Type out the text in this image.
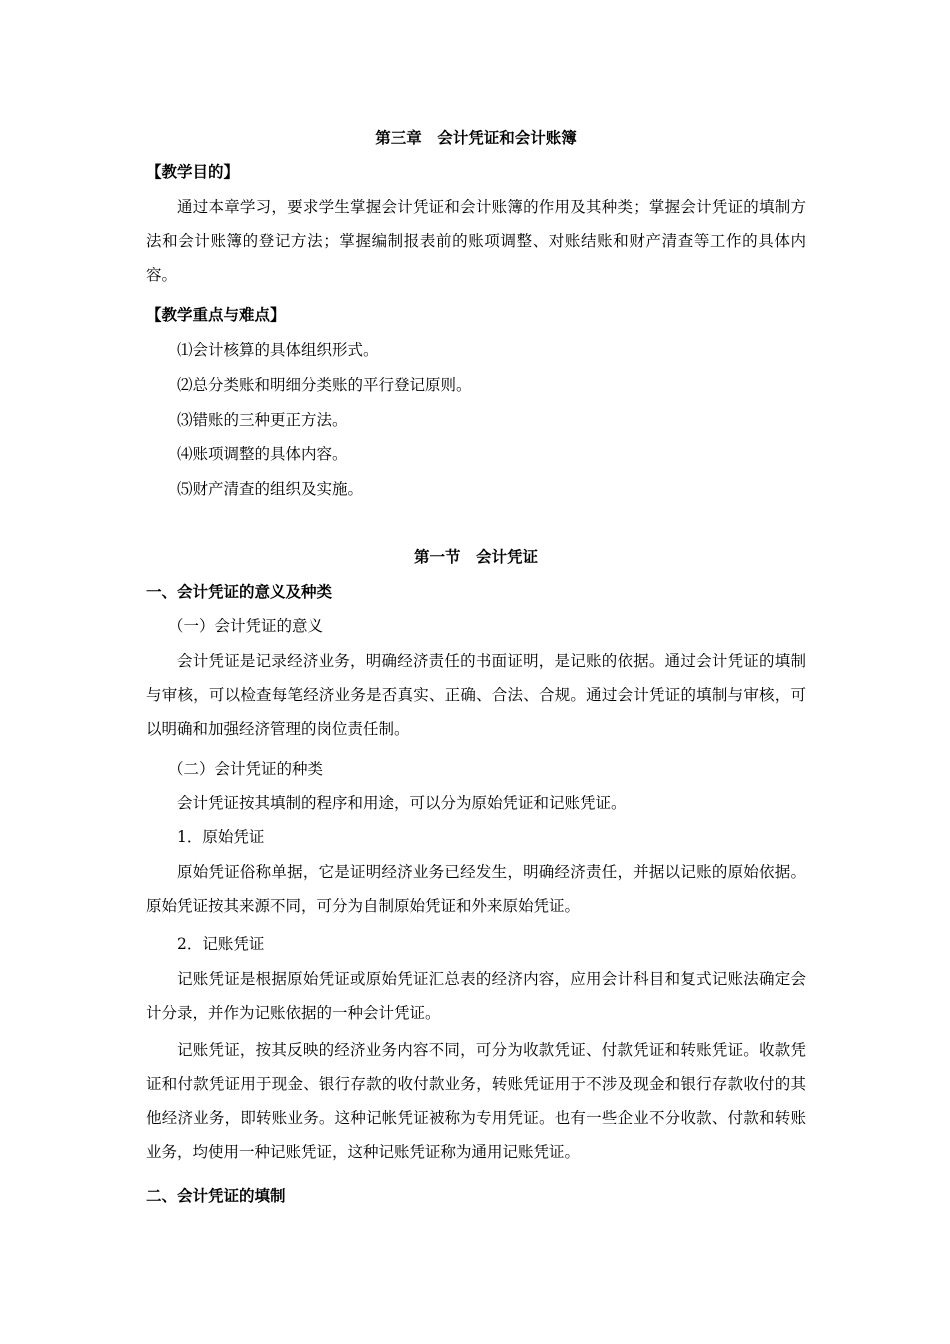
第三章　会计凭证和会计账簿
【教学目的】

通过本章学习，要求学生掌握会计凭证和会计账簿的作用及其种类；掌握会计凭证的填制方法和会计账簿的登记方法；掌握编制报表前的账项调整、对账结账和财产清查等工作的具体内容。

【教学重点与难点】
⑴会计核算的具体组织形式。
⑵总分类账和明细分类账的平行登记原则。
⑶错账的三种更正方法。
⑷账项调整的具体内容。
⑸财产清查的组织及实施。
第一节　会计凭证
一、会计凭证的意义及种类
（一）会计凭证的意义

会计凭证是记录经济业务，明确经济责任的书面证明，是记账的依据。通过会计凭证的填制与审核，可以检查每笔经济业务是否真实、正确、合法、合规。通过会计凭证的填制与审核，可以明确和加强经济管理的岗位责任制。

（二）会计凭证的种类
会计凭证按其填制的程序和用途，可以分为原始凭证和记账凭证。
1．原始凭证

原始凭证俗称单据，它是证明经济业务已经发生，明确经济责任，并据以记账的原始依据。原始凭证按其来源不同，可分为自制原始凭证和外来原始凭证。

2．记账凭证

记账凭证是根据原始凭证或原始凭证汇总表的经济内容，应用会计科目和复式记账法确定会计分录，并作为记账依据的一种会计凭证。

记账凭证，按其反映的经济业务内容不同，可分为收款凭证、付款凭证和转账凭证。收款凭证和付款凭证用于现金、银行存款的收付款业务，转账凭证用于不涉及现金和银行存款收付的其他经济业务，即转账业务。这种记帐凭证被称为专用凭证。也有一些企业不分收款、付款和转账业务，均使用一种记账凭证，这种记账凭证称为通用记账凭证。

二、会计凭证的填制
